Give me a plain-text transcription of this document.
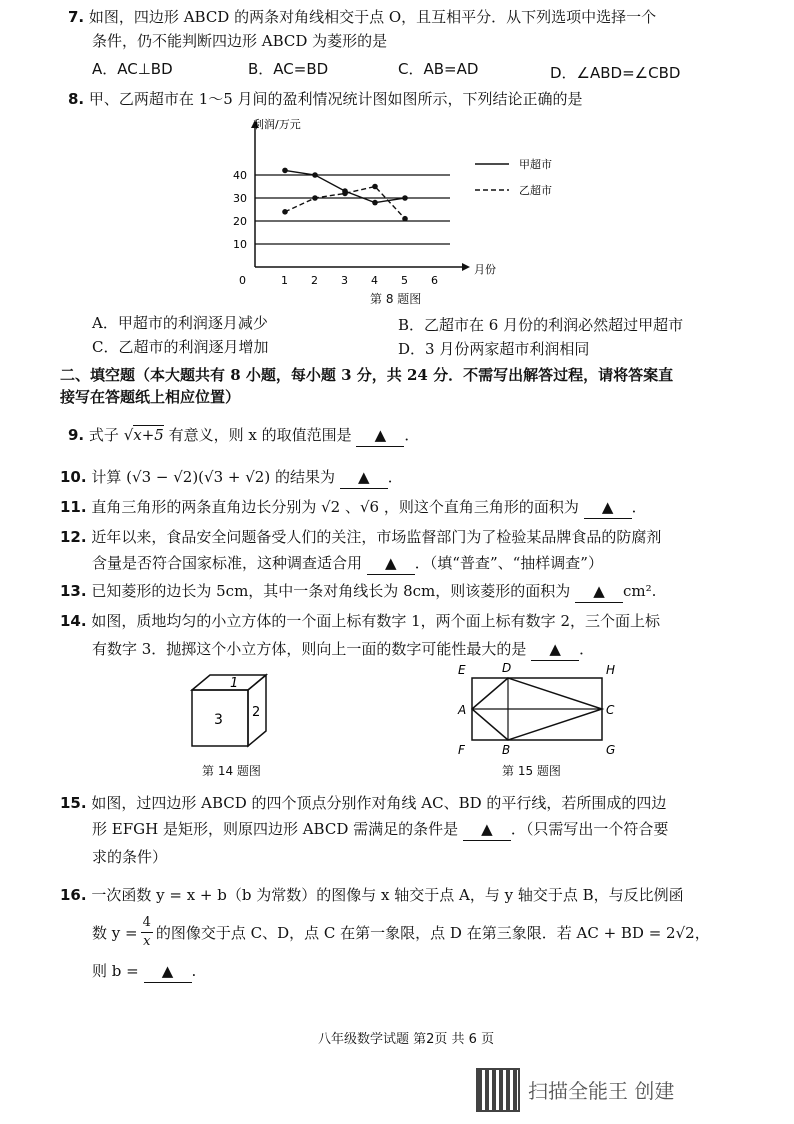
7. 如图，四边形 ABCD 的两条对角线相交于点 O，且互相平分．从下列选项中选择一个
条件，仍不能判断四边形 ABCD 为菱形的是
A．AC⊥BD	B．AC=BD	C．AB=AD	D．∠ABD=∠CBD
8. 甲、乙两超市在 1～5 月间的盈利情况统计图如图所示，下列结论正确的是
10
20
30
40
0	1 2 3 4 5 6
利润/万元
月份
甲超市
乙超市
第 8 题图
A．甲超市的利润逐月减少	B．乙超市在 6 月份的利润必然超过甲超市
C．乙超市的利润逐月增加	D．3 月份两家超市利润相同
二、填空题（本大题共有 8 小题，每小题 3 分，共 24 分．不需写出解答过程，请将答案直
接写在答题纸上相应位置）
9. 式子 √x+5 有意义，则 x 的取值范围是 ▲ ．
10. 计算 (√3 − √2)(√3 + √2) 的结果为 ▲ ．
11. 直角三角形的两条直角边长分别为 √2 、√6 ，则这个直角三角形的面积为 ▲ ．
12. 近年以来，食品安全问题备受人们的关注，市场监督部门为了检验某品牌食品的防腐剂
含量是否符合国家标准，这种调查适合用 ▲ ．（填“普查”、“抽样调查”）
13. 已知菱形的边长为 5cm，其中一条对角线长为 8cm，则该菱形的面积为 ▲ cm².
14. 如图，质地均匀的小立方体的一个面上标有数字 1，两个面上标有数字 2，三个面上标
有数字 3．抛掷这个小立方体，则向上一面的数字可能性最大的是 ▲ ．
1
3 2
第 14 题图
E	D	H
A	C
F	B	G
第 15 题图
15. 如图，过四边形 ABCD 的四个顶点分别作对角线 AC、BD 的平行线，若所围成的四边
形 EFGH 是矩形，则原四边形 ABCD 需满足的条件是 ▲ ．（只需写出一个符合要
求的条件）
16. 一次函数 y = x + b（b 为常数）的图像与 x 轴交于点 A，与 y 轴交于点 B，与反比例函
数 $y = \frac{4}{x}$ 的图像交于点 C、D，点 C 在第一象限，点 D 在第三象限．若 AC + BD = 2√2，
则 b = ▲ .
八年级数学试题 第2页 共 6 页
扫描全能王 创建
